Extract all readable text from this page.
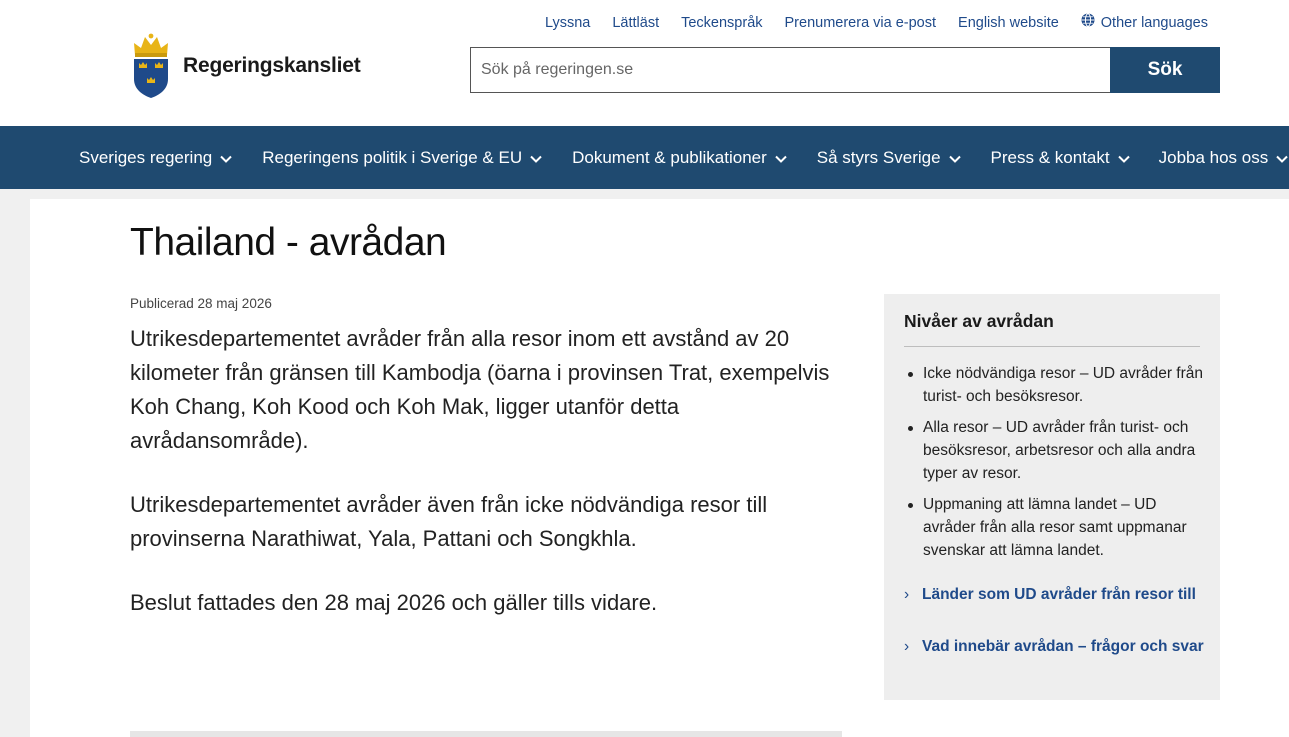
Regeringskansliet
Lyssna Lättläst Teckenspråk Prenumerera via e-post English website	Other languages
Sök på regeringen.se
Sök
Sveriges regering	Regeringens politik i Sverige & EU	Dokument & publikationer	Så styrs Sverige	Press & kontakt	Jobba hos oss
Thailand - avrådan
Publicerad 28 maj 2026

Utrikesdepartementet avråder från alla resor inom ett avstånd av 20 kilometer från gränsen till Kambodja (öarna i provinsen Trat, exempelvis Koh Chang, Koh Kood och Koh Mak, ligger utanför detta avrådansområde).

Utrikesdepartementet avråder även från icke nödvändiga resor till provinserna Narathiwat, Yala, Pattani och Songkhla.

Beslut fattades den 28 maj 2026 och gäller tills vidare.

Nivåer av avrådan
Icke nödvändiga resor – UD avråder från turist- och besöksresor.
Alla resor – UD avråder från turist- och besöksresor, arbetsresor och alla andra typer av resor.
Uppmaning att lämna landet – UD avråder från alla resor samt uppmanar svenskar att lämna landet.
› Länder som UD avråder från resor till
› Vad innebär avrådan – frågor och svar
